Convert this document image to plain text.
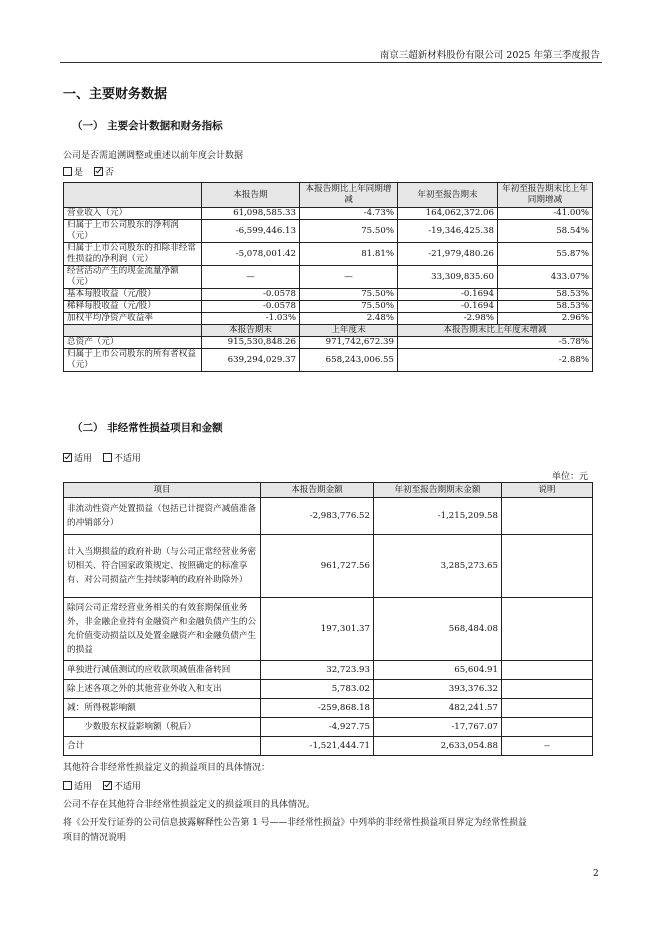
南京三超新材料股份有限公司 2025 年第三季度报告
一、主要财务数据
（一） 主要会计数据和财务指标
公司是否需追溯调整或重述以前年度会计数据
是 否
	本报告期	本报告期比上年同期增减	年初至报告期末	年初至报告期末比上年同期增减
营业收入（元）	61,098,585.33	-4.73%	164,062,372.06	-41.00%
归属于上市公司股东的净利润（元）	-6,599,446.13	75.50%	-19,346,425.38	58.54%
归属于上市公司股东的扣除非经常性损益的净利润（元）	-5,078,001.42	81.81%	-21,979,480.26	55.87%
经营活动产生的现金流量净额（元）	—	—	33,309,835.60	433.07%
基本每股收益（元/股）	-0.0578	75.50%	-0.1694	58.53%
稀释每股收益（元/股）	-0.0578	75.50%	-0.1694	58.53%
加权平均净资产收益率	-1.03%	2.48%	-2.98%	2.96%
	本报告期末	上年度末	本报告期末比上年度末增减	
总资产（元）	915,530,848.26	971,742,672.39	-5.78%	
归属于上市公司股东的所有者权益（元）	639,294,029.37	658,243,006.55	-2.88%	
（二） 非经常性损益项目和金额
适用 不适用
单位：元
项目	本报告期金额	年初至报告期期末金额	说明
非流动性资产处置损益（包括已计提资产减值准备的冲销部分）	-2,983,776.52	-1,215,209.58	
计入当期损益的政府补助（与公司正常经营业务密切相关、符合国家政策规定、按照确定的标准享有、对公司损益产生持续影响的政府补助除外）	961,727.56	3,285,273.65	
除同公司正常经营业务相关的有效套期保值业务外，非金融企业持有金融资产和金融负债产生的公允价值变动损益以及处置金融资产和金融负债产生的损益	197,301.37	568,484.08	
单独进行减值测试的应收款项减值准备转回	32,723.93	65,604.91	
除上述各项之外的其他营业外收入和支出	5,783.02	393,376.32	
减：所得税影响额	-259,868.18	482,241.57	
　　少数股东权益影响额（税后）	-4,927.75	-17,767.07	
合计	-1,521,444.71	2,633,054.88	--
其他符合非经常性损益定义的损益项目的具体情况：
适用 不适用
公司不存在其他符合非经常性损益定义的损益项目的具体情况。
将《公开发行证券的公司信息披露解释性公告第 1 号——非经常性损益》中列举的非经常性损益项目界定为经常性损益
项目的情况说明
2
